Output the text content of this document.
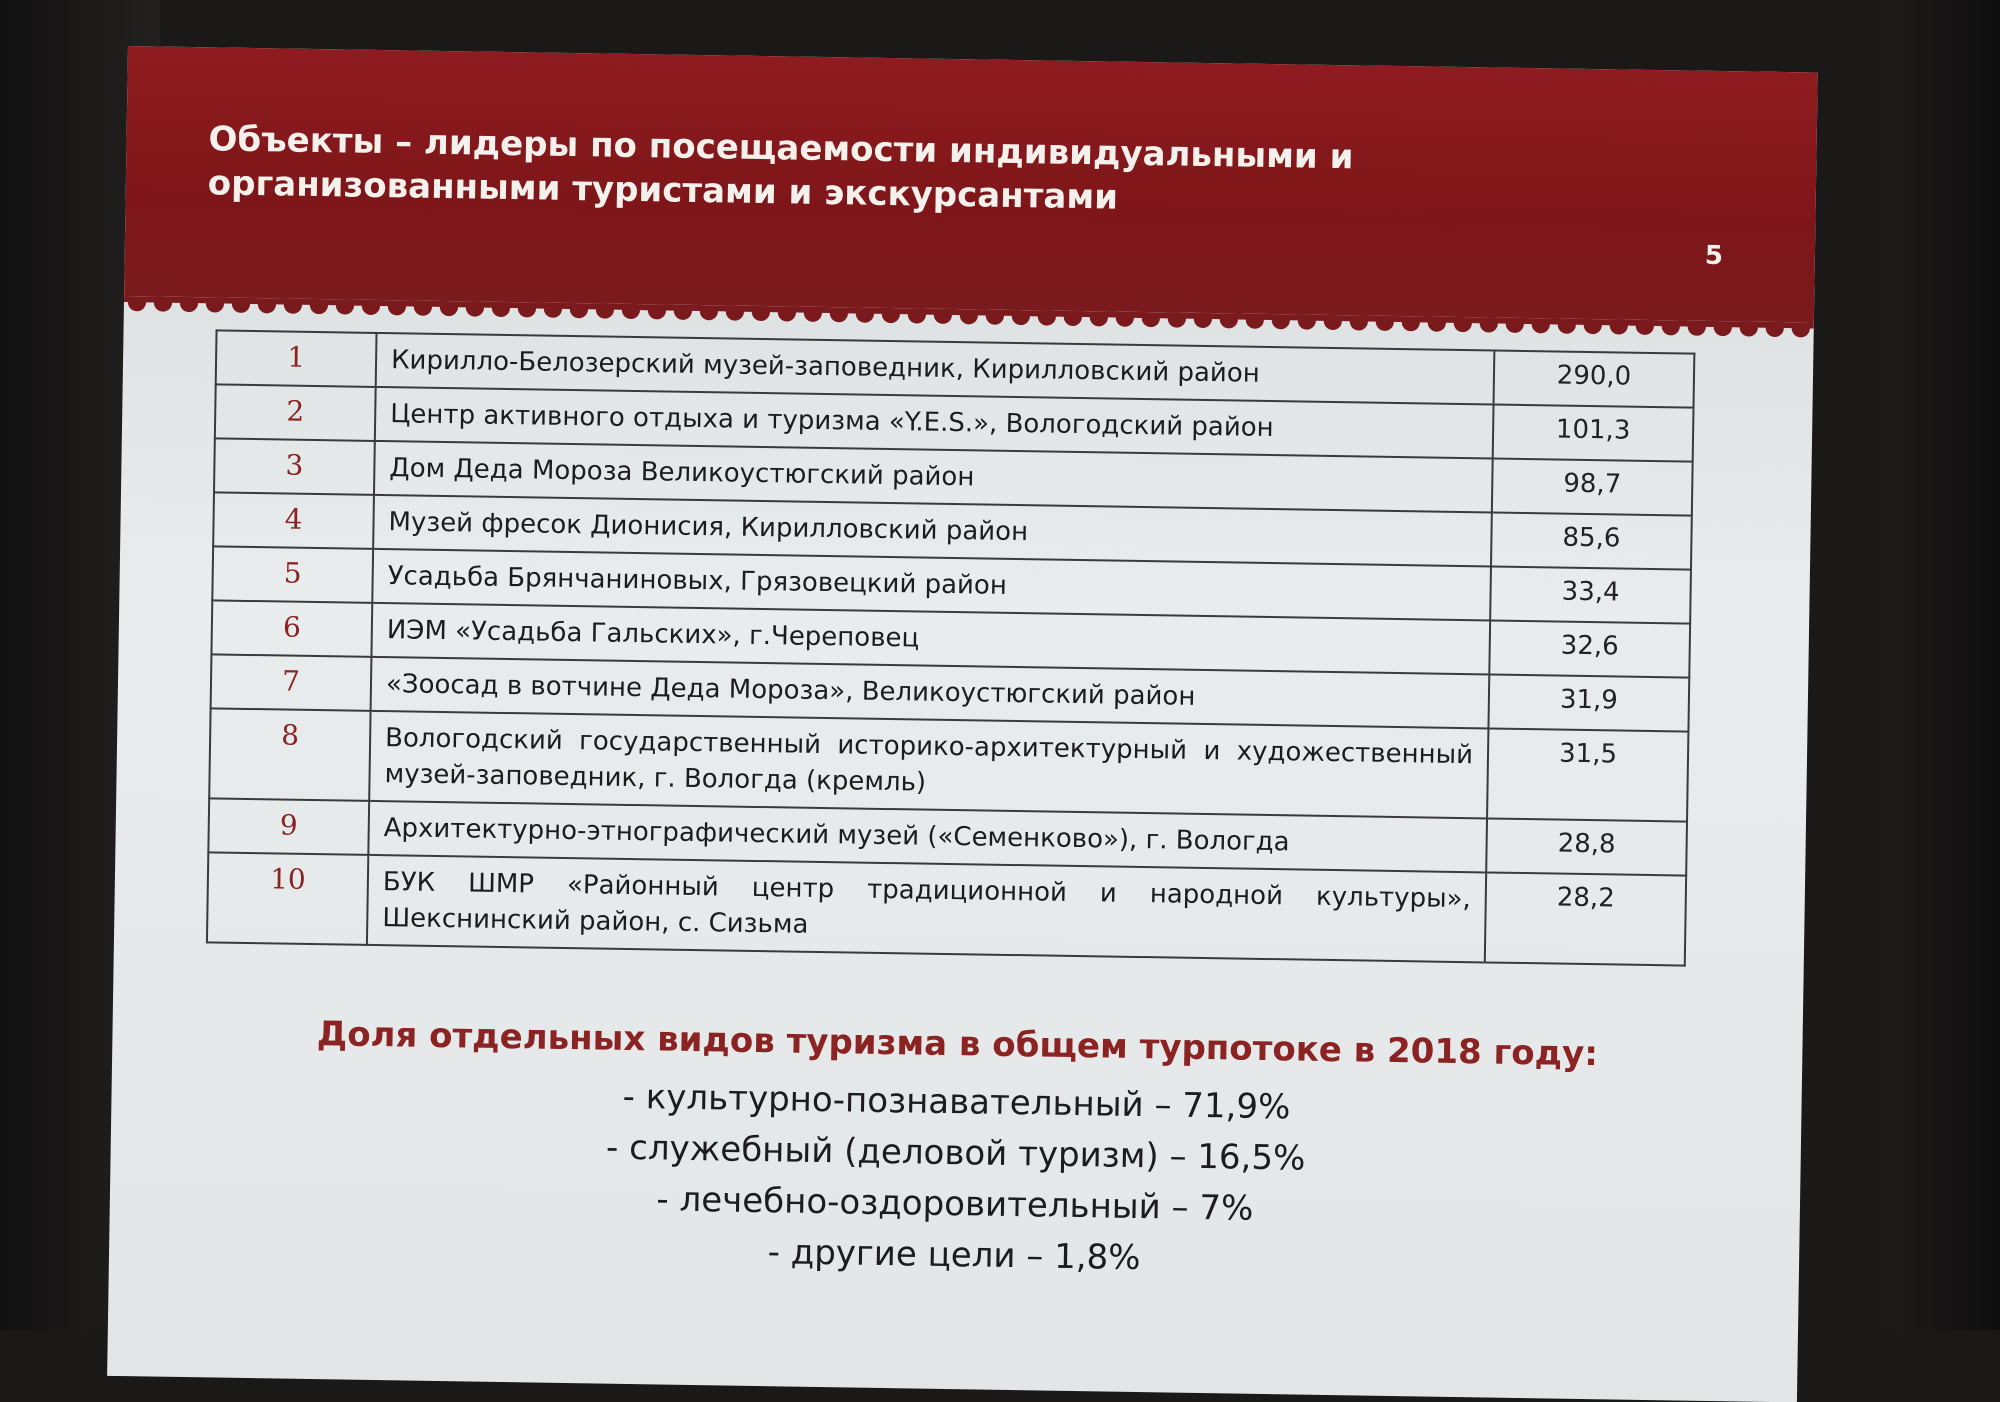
Объекты – лидеры по посещаемости индивидуальными и организованными туристами и экскурсантами
5
1	Кирилло-Белозерский музей-заповедник, Кирилловский район	290,0
2	Центр активного отдыха и туризма «Y.E.S.», Вологодский район	101,3
3	Дом Деда Мороза Великоустюгский район	98,7
4	Музей фресок Дионисия, Кирилловский район	85,6
5	Усадьба Брянчаниновых, Грязовецкий район	33,4
6	ИЭМ «Усадьба Гальских», г.Череповец	32,6
7	«Зоосад в вотчине Деда Мороза», Великоустюгский район	31,9
8	Вологодский государственный историко-архитектурный и художественный музей-заповедник, г. Вологда (кремль)	31,5
9	Архитектурно-этнографический музей («Семенково»), г. Вологда	28,8
10	БУК ШМР «Районный центр традиционной и народной культуры», Шекснинский район, с. Сизьма	28,2
Доля отдельных видов туризма в общем турпотоке в 2018 году:
- культурно-познавательный – 71,9%
- служебный (деловой туризм) – 16,5%
- лечебно-оздоровительный – 7%
- другие цели – 1,8%
